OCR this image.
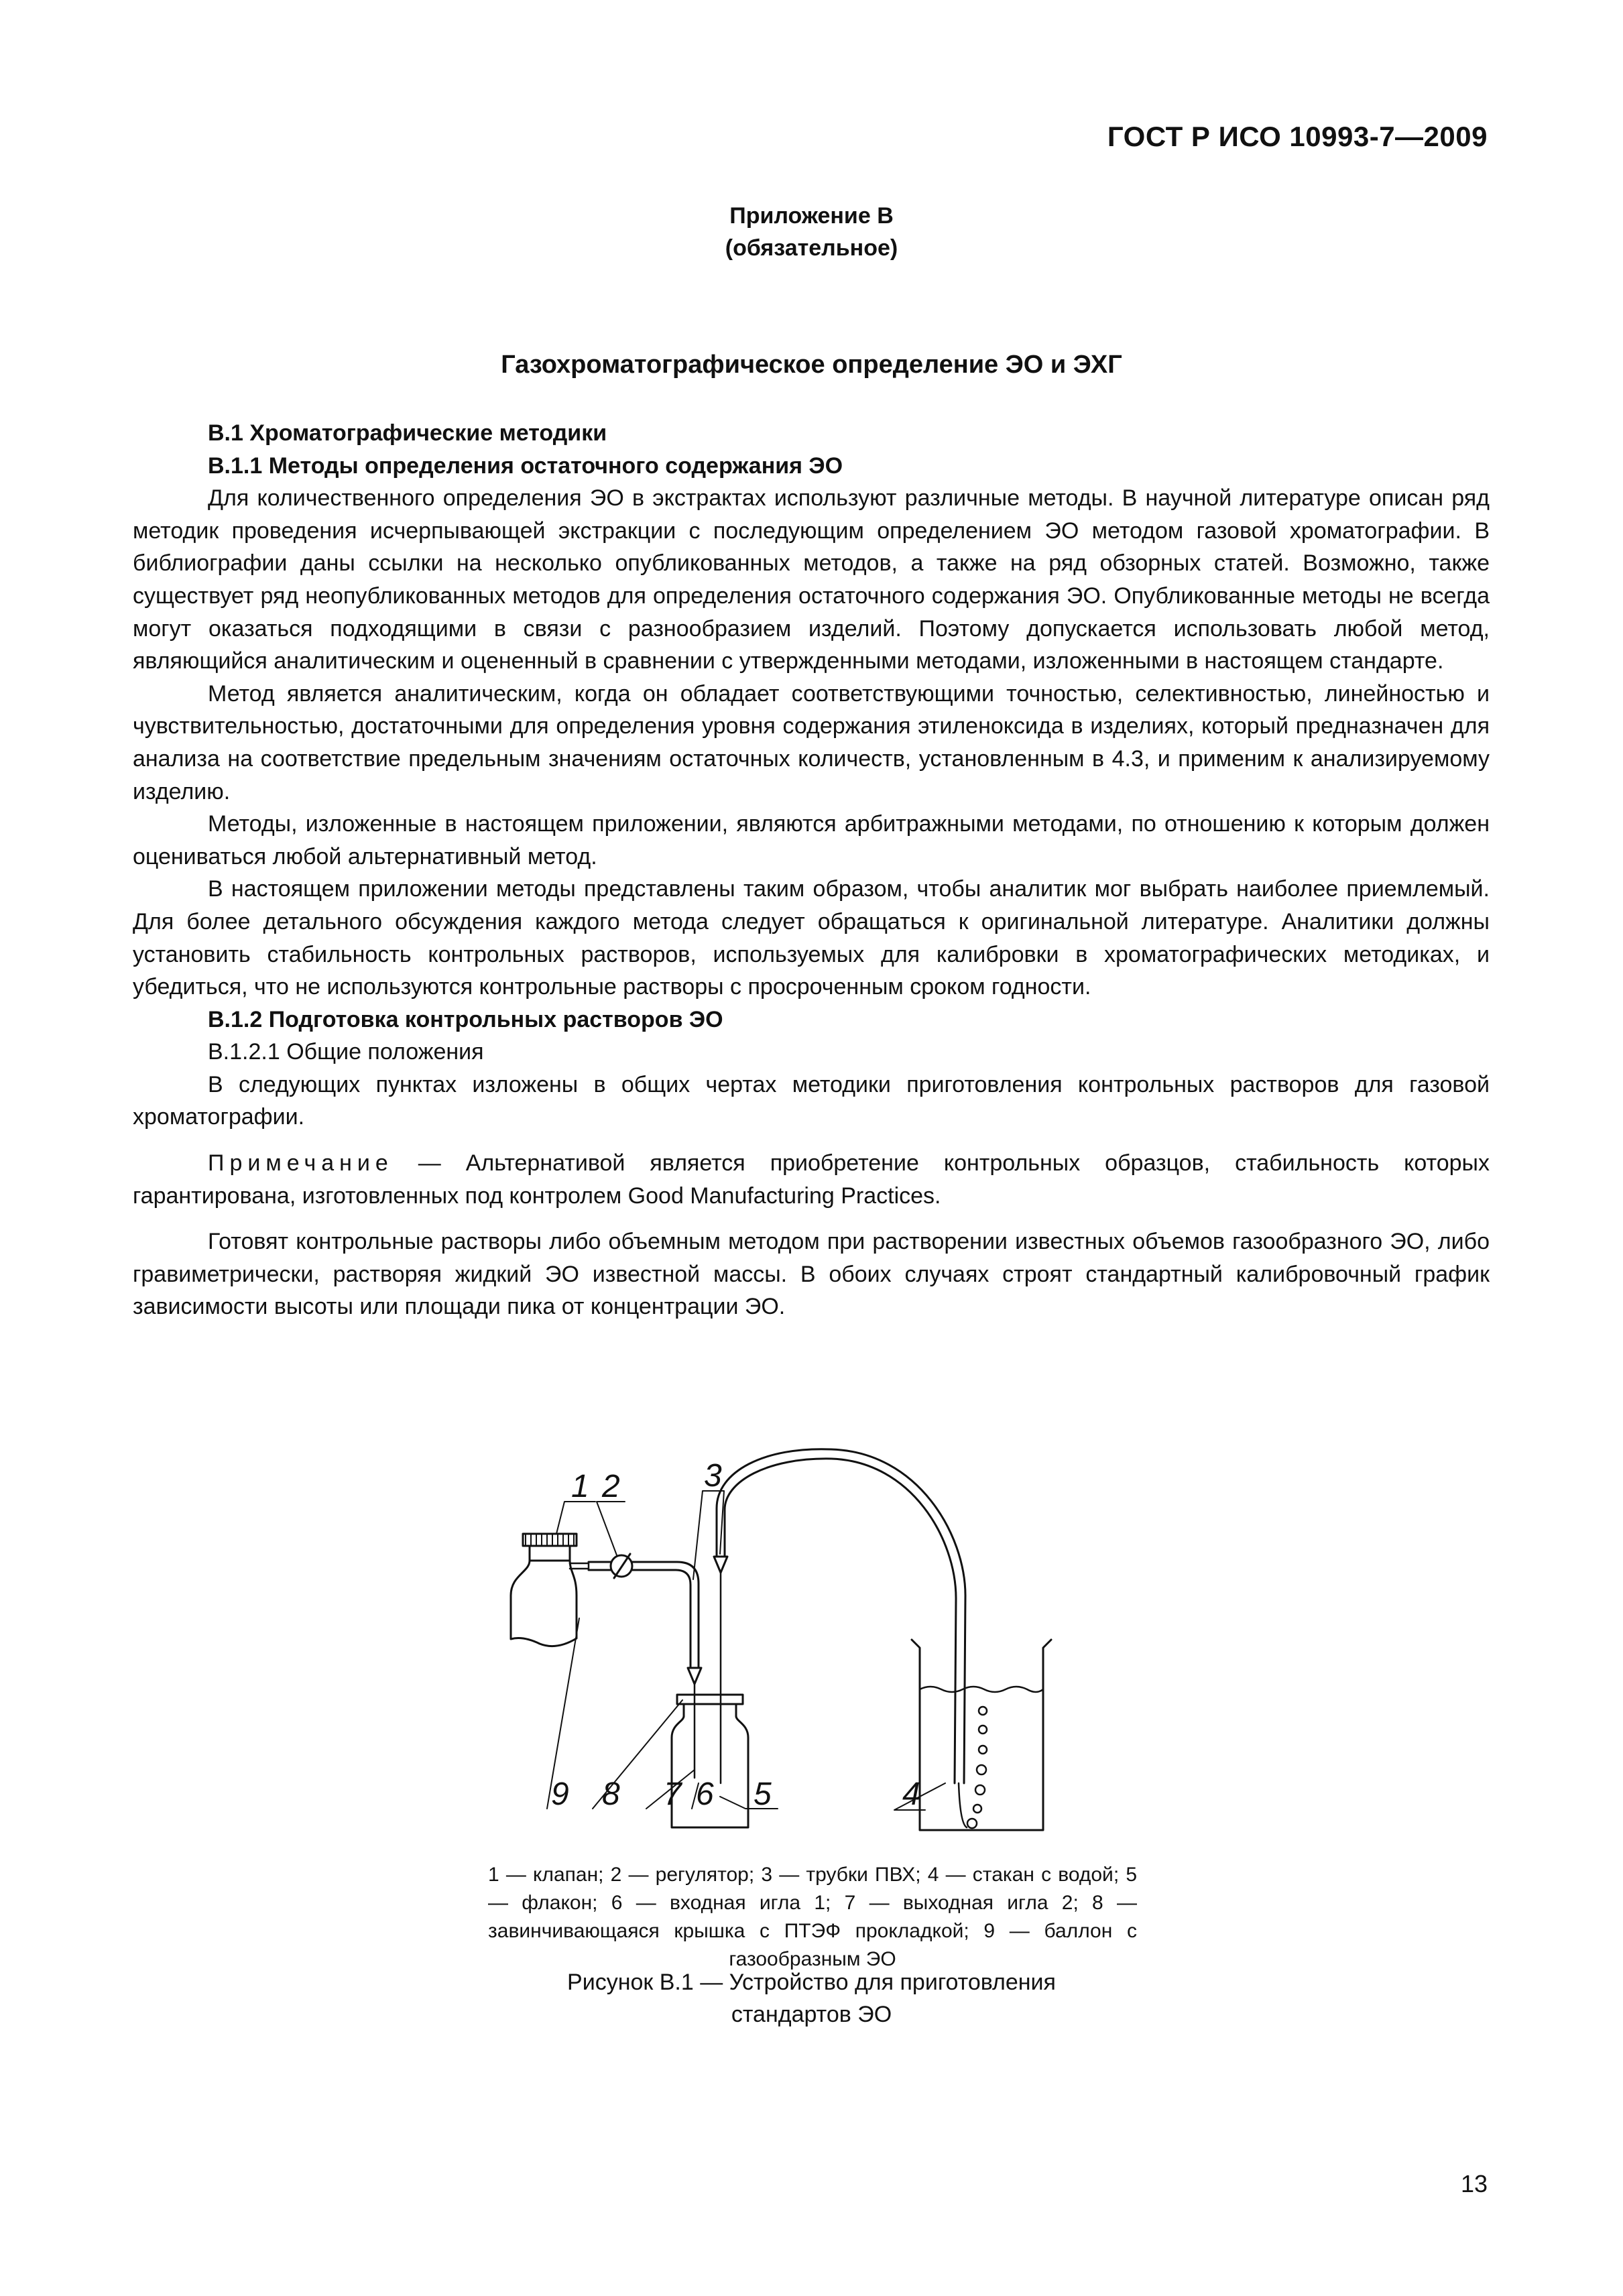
ГОСТ Р ИСО 10993-7—2009
Приложение В
(обязательное)
Газохроматографическое определение ЭО и ЭХГ

В.1 Хроматографические методики

В.1.1 Методы определения остаточного содержания ЭО

Для количественного определения ЭО в экстрактах используют различные методы. В научной литературе описан ряд методик проведения исчерпывающей экстракции с последующим определением ЭО методом газовой хроматографии. В библиографии даны ссылки на несколько опубликованных методов, а также на ряд обзорных статей. Возможно, также существует ряд неопубликованных методов для определения остаточного содержания ЭО. Опубликованные методы не всегда могут оказаться подходящими в связи с разнообразием изделий. Поэтому допускается использовать любой метод, являющийся аналитическим и оцененный в сравнении с утвержденными методами, изложенными в настоящем стандарте.

Метод является аналитическим, когда он обладает соответствующими точностью, селективностью, линейностью и чувствительностью, достаточными для определения уровня содержания этиленоксида в изделиях, который предназначен для анализа на соответствие предельным значениям остаточных количеств, установленным в 4.3, и применим к анализируемому изделию.

Методы, изложенные в настоящем приложении, являются арбитражными методами, по отношению к которым должен оцениваться любой альтернативный метод.

В настоящем приложении методы представлены таким образом, чтобы аналитик мог выбрать наиболее приемлемый. Для более детального обсуждения каждого метода следует обращаться к оригинальной литературе. Аналитики должны установить стабильность контрольных растворов, используемых для калибровки в хроматографических методиках, и убедиться, что не используются контрольные растворы с просроченным сроком годности.

В.1.2 Подготовка контрольных растворов ЭО

В.1.2.1 Общие положения

В следующих пунктах изложены в общих чертах методики приготовления контрольных растворов для газовой хроматографии.

Примечание — Альтернативой является приобретение контрольных образцов, стабильность которых гарантирована, изготовленных под контролем Good Manufacturing Practices.

Готовят контрольные растворы либо объемным методом при растворении известных объемов газообразного ЭО, либо гравиметрически, растворяя жидкий ЭО известной массы. В обоих случаях строят стандартный калибровочный график зависимости высоты или площади пика от концентрации ЭО.

1 2	3
4
5
6
7
8
9
1 — клапан; 2 — регулятор; 3 — трубки ПВХ; 4 — стакан с водой; 5 — флакон; 6 — входная игла 1; 7 — выходная игла 2; 8 — завинчивающаяся крышка с ПТЭФ прокладкой; 9 — баллон с газообразным ЭО
Рисунок В.1 — Устройство для приготовления
стандартов ЭО
13
